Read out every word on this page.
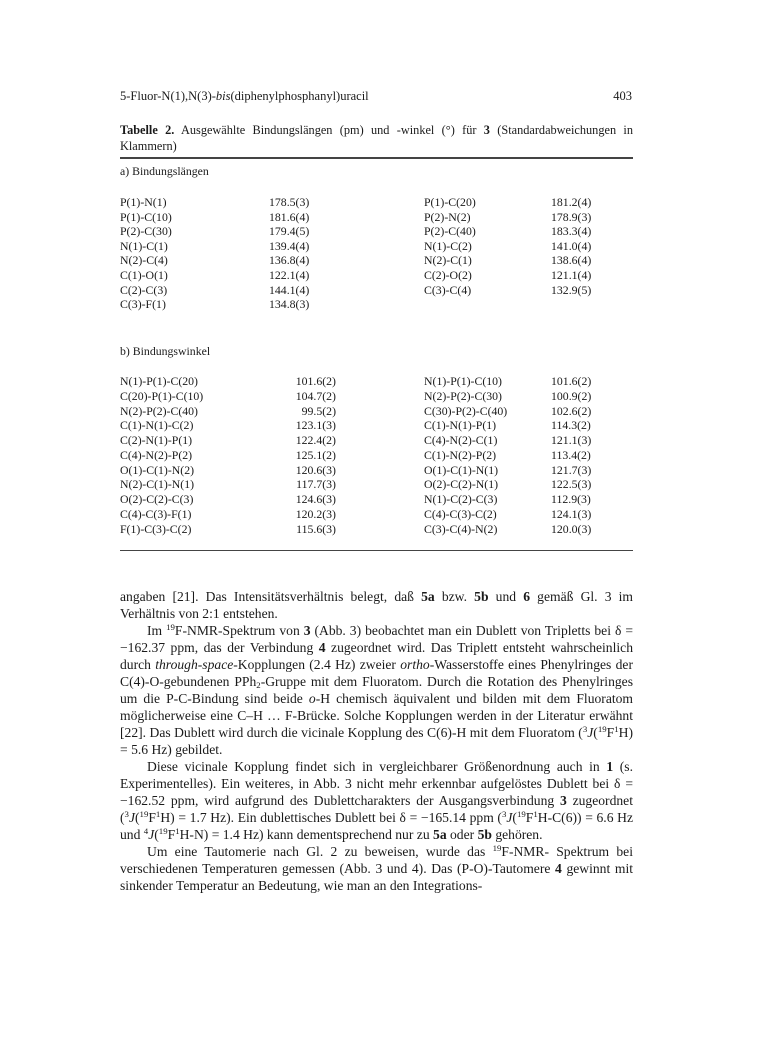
5-Fluor-N(1),N(3)-bis(diphenylphosphanyl)uracil	403
Tabelle 2. Ausgewählte Bindungslängen (pm) und -winkel (°) für 3 (Standardabweichungen in Klammern)
a) Bindungslängen
P(1)-N(1)	178.5(3)	P(1)-C(20)	181.2(4)
P(1)-C(10)	181.6(4)	P(2)-N(2)	178.9(3)
P(2)-C(30)	179.4(5)	P(2)-C(40)	183.3(4)
N(1)-C(1)	139.4(4)	N(1)-C(2)	141.0(4)
N(2)-C(4)	136.8(4)	N(2)-C(1)	138.6(4)
C(1)-O(1)	122.1(4)	C(2)-O(2)	121.1(4)
C(2)-C(3)	144.1(4)	C(3)-C(4)	132.9(5)
C(3)-F(1)	134.8(3)
b) Bindungswinkel
N(1)-P(1)-C(20)	101.6(2)	N(1)-P(1)-C(10)	101.6(2)
C(20)-P(1)-C(10)	104.7(2)	N(2)-P(2)-C(30)	100.9(2)
N(2)-P(2)-C(40)	99.5(2)	C(30)-P(2)-C(40)	102.6(2)
C(1)-N(1)-C(2)	123.1(3)	C(1)-N(1)-P(1)	114.3(2)
C(2)-N(1)-P(1)	122.4(2)	C(4)-N(2)-C(1)	121.1(3)
C(4)-N(2)-P(2)	125.1(2)	C(1)-N(2)-P(2)	113.4(2)
O(1)-C(1)-N(2)	120.6(3)	O(1)-C(1)-N(1)	121.7(3)
N(2)-C(1)-N(1)	117.7(3)	O(2)-C(2)-N(1)	122.5(3)
O(2)-C(2)-C(3)	124.6(3)	N(1)-C(2)-C(3)	112.9(3)
C(4)-C(3)-F(1)	120.2(3)	C(4)-C(3)-C(2)	124.1(3)
F(1)-C(3)-C(2)	115.6(3)	C(3)-C(4)-N(2)	120.0(3)

angaben [21]. Das Intensitätsverhältnis belegt, daß 5a bzw. 5b und 6 gemäß Gl. 3 im Verhältnis von 2:1 entstehen.

Im $^{19}$F-NMR-Spektrum von 3 (Abb. 3) beobachtet man ein Dublett von Tripletts bei δ = −162.37 ppm, das der Verbindung 4 zugeordnet wird. Das Triplett entsteht wahrscheinlich durch through-space-Kopplungen (2.4 Hz) zweier ortho-Wasserstoffe eines Phenylringes der C(4)-O-gebundenen PPh$_2$-Gruppe mit dem Fluoratom. Durch die Rotation des Phenylringes um die P-C-Bindung sind beide o-H chemisch äquivalent und bilden mit dem Fluoratom möglicherweise eine C–H … F-Brücke. Solche Kopplungen werden in der Literatur erwähnt [22]. Das Dublett wird durch die vicinale Kopplung des C(6)-H mit dem Fluoratom ($^3J(^{19}F^1H) = 5.6$ Hz) gebildet.

Diese vicinale Kopplung findet sich in vergleichbarer Größenordnung auch in 1 (s. Experimentelles). Ein weiteres, in Abb. 3 nicht mehr erkennbar aufgelöstes Dublett bei δ = −162.52 ppm, wird aufgrund des Dublettcharakters der Ausgangsverbindung 3 zugeordnet ($^3J(^{19}F^1H) = 1.7$ Hz). Ein dublettisches Dublett bei δ = −165.14 ppm ($^3J(^{19}F^1H-C(6)) = 6.6$ Hz und $^4J(^{19}F^1H-N) = 1.4$ Hz) kann dementsprechend nur zu 5a oder 5b gehören.

Um eine Tautomerie nach Gl. 2 zu beweisen, wurde das $^{19}$F-NMR- Spektrum bei verschiedenen Temperaturen gemessen (Abb. 3 und 4). Das (P-O)-Tautomere 4 gewinnt mit sinkender Temperatur an Bedeutung, wie man an den Integrations-
